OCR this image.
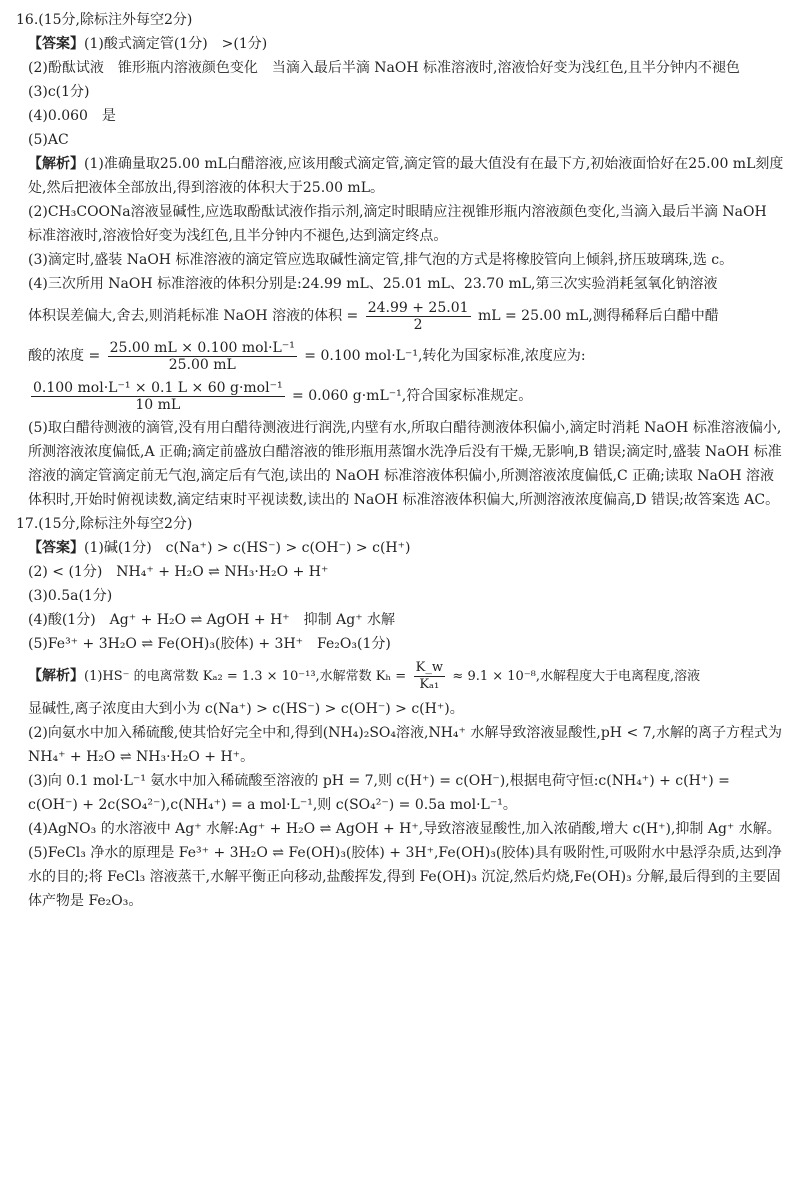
16.(15分,除标注外每空2分)
【答案】(1)酸式滴定管(1分)　>(1分)
(2)酚酞试液　锥形瓶内溶液颜色变化　当滴入最后半滴 NaOH 标准溶液时,溶液恰好变为浅红色,且半分钟内不褪色
(3)c(1分)
(4)0.060　是
(5)AC
【解析】(1)准确量取25.00 mL白醋溶液,应该用酸式滴定管,滴定管的最大值没有在最下方,初始液面恰好在25.00 mL刻度处,然后把液体全部放出,得到溶液的体积大于25.00 mL。
(2)CH₃COONa溶液显碱性,应选取酚酞试液作指示剂,滴定时眼睛应注视锥形瓶内溶液颜色变化,当滴入最后半滴 NaOH 标准溶液时,溶液恰好变为浅红色,且半分钟内不褪色,达到滴定终点。
(3)滴定时,盛装 NaOH 标准溶液的滴定管应选取碱性滴定管,排气泡的方式是将橡胶管向上倾斜,挤压玻璃珠,选 c。
(4)三次所用 NaOH 标准溶液的体积分别是:24.99 mL、25.01 mL、23.70 mL,第三次实验消耗氢氧化钠溶液
体积误差偏大,舍去,则消耗标准 NaOH 溶液的体积 = $\frac{24.99 + 25.01}{2}$ mL = 25.00 mL,测得稀释后白醋中醋
酸的浓度 = $\frac{\text{25.00 mL × 0.100 mol·L⁻¹}}{25.00 mL} = 0.100$ mol·L⁻¹,转化为国家标准,浓度应为:
$\frac{\text{0.100 mol·L⁻¹ × 0.1 L × 60 g·mol⁻¹}}{10 mL} = 0.060$ g·mL⁻¹,符合国家标准规定。
(5)取白醋待测液的滴管,没有用白醋待测液进行润洗,内壁有水,所取白醋待测液体积偏小,滴定时消耗 NaOH 标准溶液偏小,所测溶液浓度偏低,A 正确;滴定前盛放白醋溶液的锥形瓶用蒸馏水洗净后没有干燥,无影响,B 错误;滴定时,盛装 NaOH 标准溶液的滴定管滴定前无气泡,滴定后有气泡,读出的 NaOH 标准溶液体积偏小,所测溶液浓度偏低,C 正确;读取 NaOH 溶液体积时,开始时俯视读数,滴定结束时平视读数,读出的 NaOH 标准溶液体积偏大,所测溶液浓度偏高,D 错误;故答案选 AC。
17.(15分,除标注外每空2分)
【答案】(1)碱(1分)　c(Na⁺) > c(HS⁻) > c(OH⁻) > c(H⁺)
(2) < (1分)　NH₄⁺ + H₂O ⇌ NH₃·H₂O + H⁺
(3)0.5a(1分)
(4)酸(1分)　Ag⁺ + H₂O ⇌ AgOH + H⁺　抑制 Ag⁺ 水解
(5)Fe³⁺ + 3H₂O ⇌ Fe(OH)₃(胶体) + 3H⁺　Fe₂O₃(1分)
【解析】(1)HS⁻ 的电离常数 Kₐ₂ = 1.3 × 10⁻¹³,水解常数 $K_h = \frac{K\_w}{\text{Kₐ₁}} \approx 9.1 \times 10^{-8}$,水解程度大于电离程度,溶液
显碱性,离子浓度由大到小为 c(Na⁺) > c(HS⁻) > c(OH⁻) > c(H⁺)。
(2)向氨水中加入稀硫酸,使其恰好完全中和,得到(NH₄)₂SO₄溶液,NH₄⁺ 水解导致溶液显酸性,pH < 7,水解的离子方程式为 NH₄⁺ + H₂O ⇌ NH₃·H₂O + H⁺。
(3)向 0.1 mol·L⁻¹ 氨水中加入稀硫酸至溶液的 pH = 7,则 c(H⁺) = c(OH⁻),根据电荷守恒:c(NH₄⁺) + c(H⁺) = c(OH⁻) + 2c(SO₄²⁻),c(NH₄⁺) = a mol·L⁻¹,则 c(SO₄²⁻) = 0.5a mol·L⁻¹。
(4)AgNO₃ 的水溶液中 Ag⁺ 水解:Ag⁺ + H₂O ⇌ AgOH + H⁺,导致溶液显酸性,加入浓硝酸,增大 c(H⁺),抑制 Ag⁺ 水解。
(5)FeCl₃ 净水的原理是 Fe³⁺ + 3H₂O ⇌ Fe(OH)₃(胶体) + 3H⁺,Fe(OH)₃(胶体)具有吸附性,可吸附水中悬浮杂质,达到净水的目的;将 FeCl₃ 溶液蒸干,水解平衡正向移动,盐酸挥发,得到 Fe(OH)₃ 沉淀,然后灼烧,Fe(OH)₃ 分解,最后得到的主要固体产物是 Fe₂O₃。
